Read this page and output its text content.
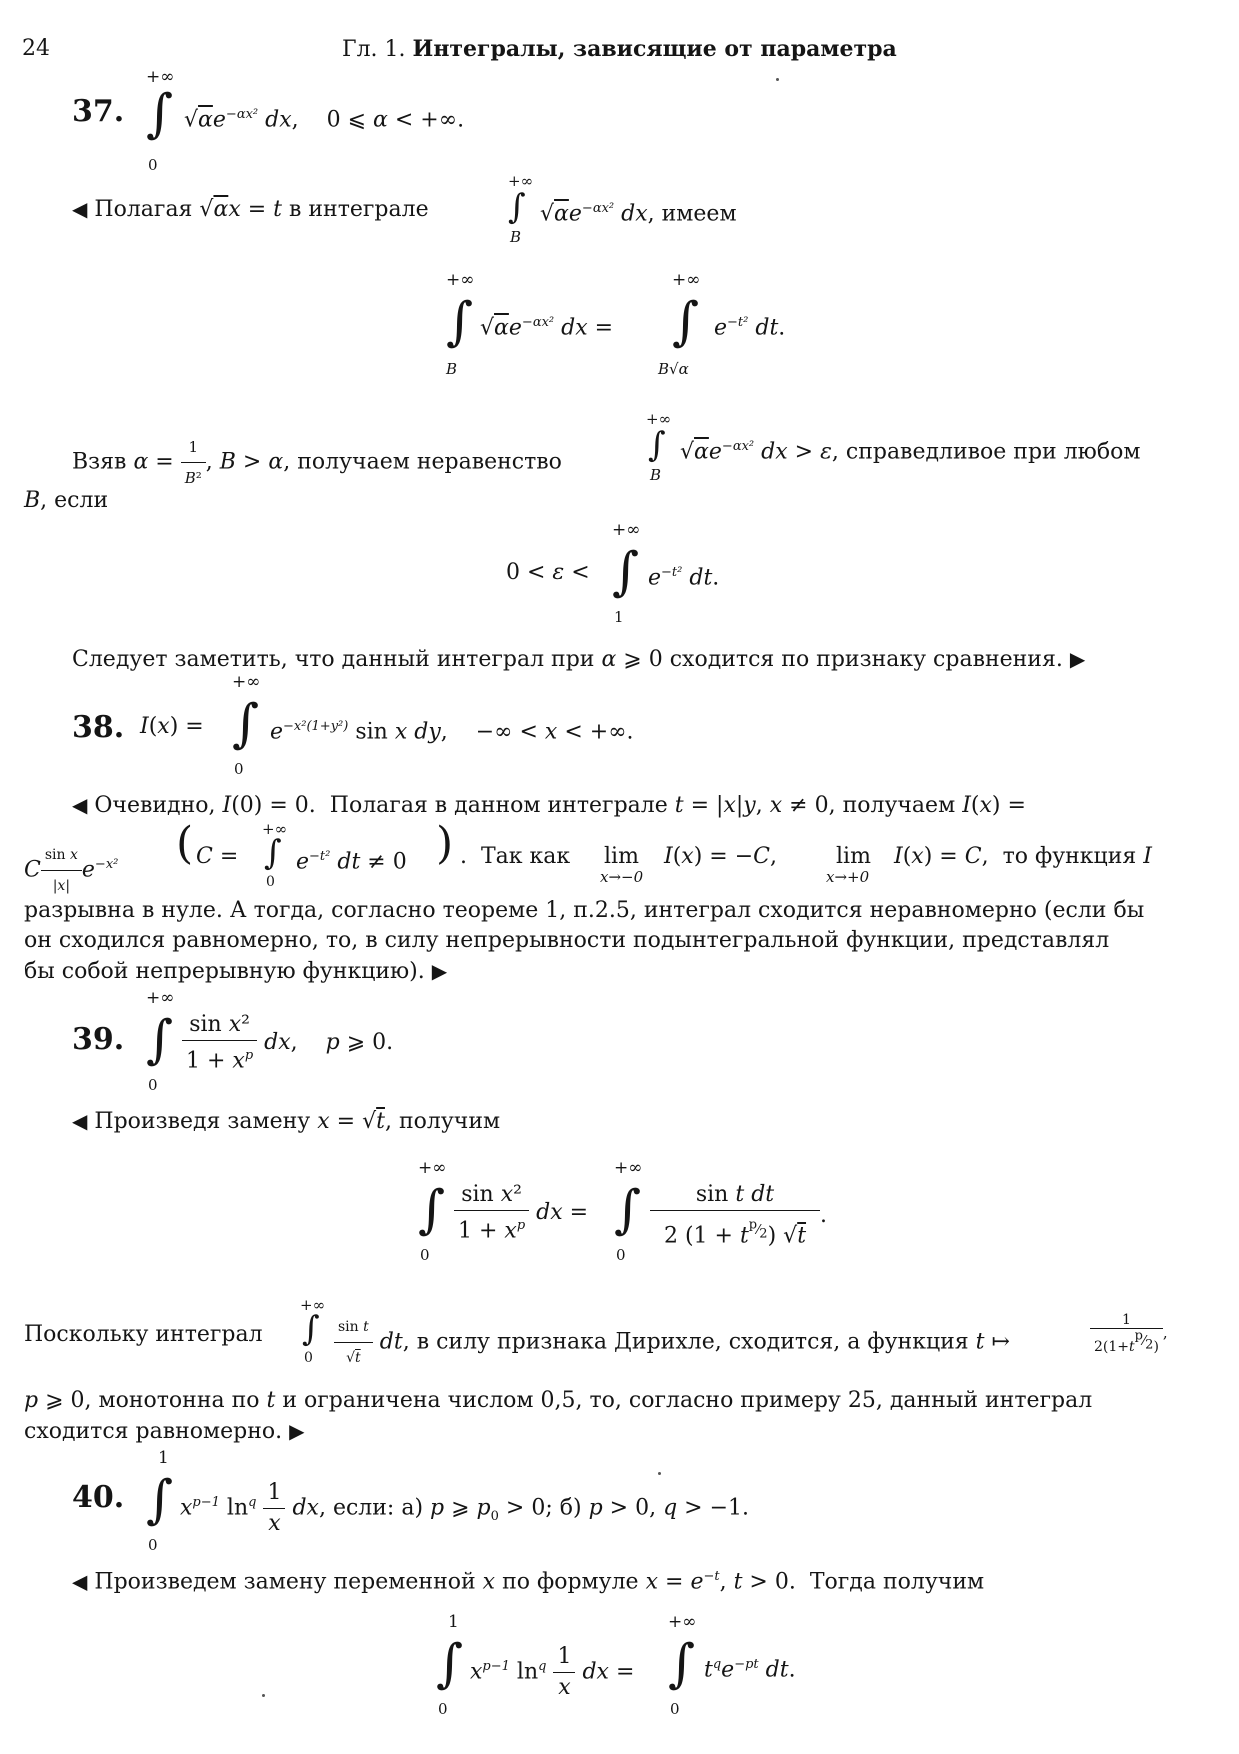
24	Гл. 1. Интегралы, зависящие от параметра
37.
+∞
∫
0
$√\alpha e^{-\alpha x^2}$ dx,    0 ⩽ α < +∞.
◀ Полагая √αx = t в интеграле
+∞
∫
B
$√\alpha e^{-\alpha x^2}$ dx, имеем
+∞
∫
B
$√\alpha e^{-\alpha x^2}$ dx =
+∞
∫
B√α
$e^{-t^2}$ dt.
Взяв $\alpha = \frac{1}{\text{B²}}$ , B > α, получаем неравенство
+∞
∫
B
$√\alpha e^{-\alpha x^2}$ dx > ε, справедливое при любом
B, если
0 < ε <
+∞
∫
1
$e^{-t^2}$ dt.
Следует заметить, что данный интеграл при α ⩾ 0 сходится по признаку сравнения. ▶
38. I(x) =
+∞
∫
0
$e^{-x^2(1+y^2)}$ sin x dy,    −∞ < x < +∞.
◀ Очевидно, I(0) = 0.  Полагая в данном интеграле t = |x|y, x ≠ 0, получаем I(x) =
C $\frac{\text{sin x}}{|x|} e^{-x^2}$ ( C =
+∞
∫
0
$e^{-t^2}$ dt ≠ 0 ) .  Так как lim
x→−0
I(x) = −C,	lim
x→+0
I(x) = C,  то функция I
разрывна в нуле. А тогда, согласно теореме 1, п.2.5, интеграл сходится неравномерно (если бы
он сходился равномерно, то, в силу непрерывности подынтегральной функции, представлял
бы собой непрерывную функцию). ▶
39.
+∞
∫
0
$\frac{\text{sin x²}}{1 + x^p}$ dx,    p ⩾ 0.
◀ Произведя замену x = √t, получим
+∞
∫
0
$\frac{\text{sin x²}}{1 + x^p}$ dx =
+∞
∫
0
$\frac{\text{sin t dt}}{2 (1 + t^{^p⁄_2}) √t}$ .
Поскольку интеграл
+∞
∫
$0 \frac{\text{sin t}}{√t}$ dt, в силу признака Дирихле, сходится, а функция t ↦	$\frac{1}{2(1+t^{^p⁄_2})}$ ,
p ⩾ 0, монотонна по t и ограничена числом 0,5, то, согласно примеру 25, данный интеграл
сходится равномерно. ▶
40.
1
∫
0
$x^{p-1}$ $\ln^q \frac{1}{x}$ dx, если: а) p ⩾ $p_0 > 0$; б) p > 0, q > −1.
◀ Произведем замену переменной x по формуле $x = e^{-t}$, t > 0.  Тогда получим
1
∫
0
$x^{p-1}$ $\ln^q \frac{1}{x}$ dx =
+∞
∫
0
$t^qe^{-pt}$ dt.
